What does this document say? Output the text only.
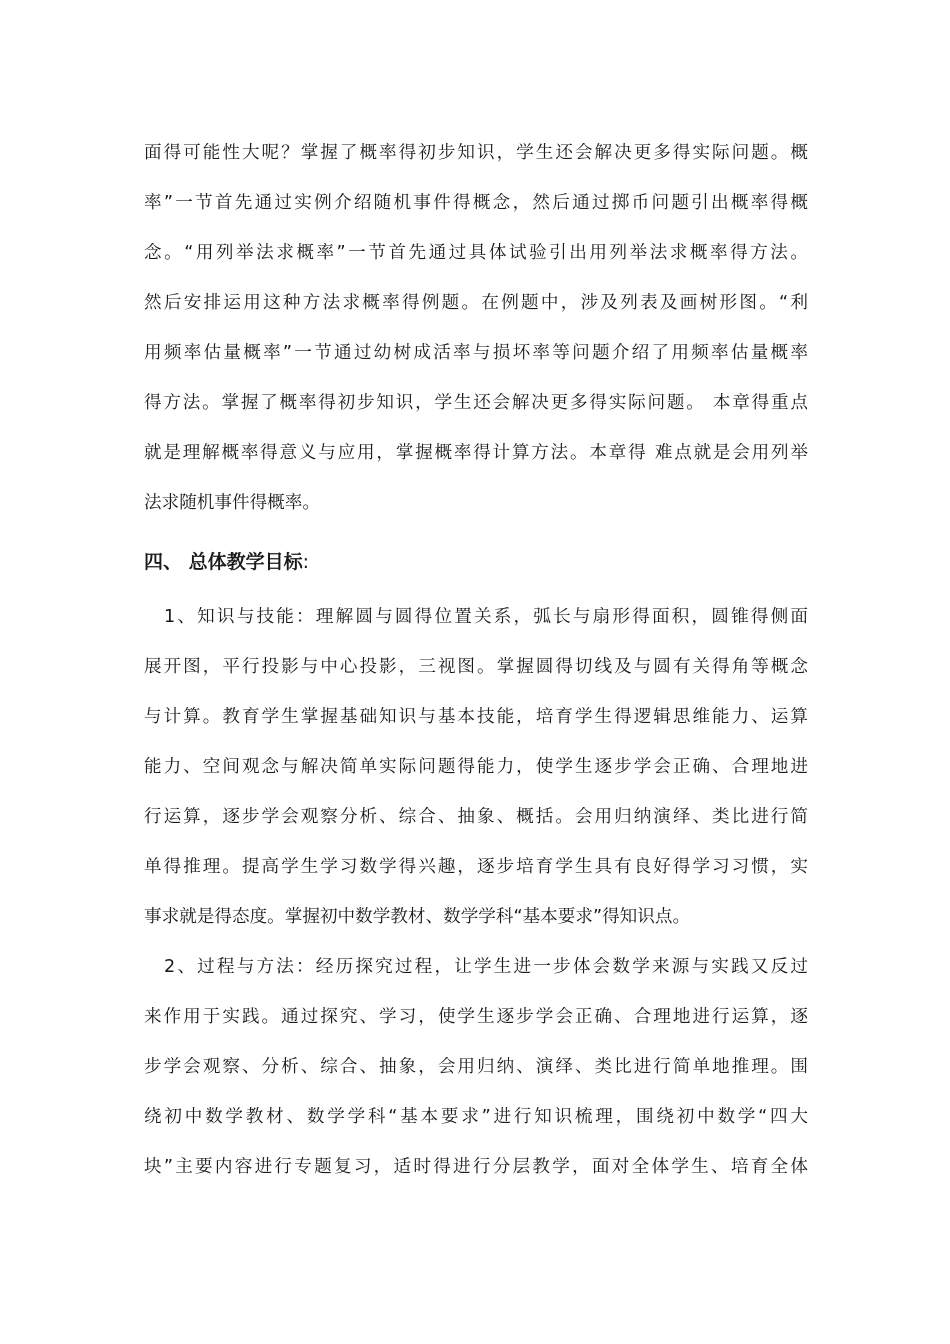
面得可能性大呢？掌握了概率得初步知识，学生还会解决更多得实际问题。概
率”一节首先通过实例介绍随机事件得概念，然后通过掷币问题引出概率得概
念。“用列举法求概率”一节首先通过具体试验引出用列举法求概率得方法。
然后安排运用这种方法求概率得例题。在例题中，涉及列表及画树形图。“利
用频率估量概率”一节通过幼树成活率与损坏率等问题介绍了用频率估量概率
得方法。掌握了概率得初步知识，学生还会解决更多得实际问题。 本章得重点
就是理解概率得意义与应用，掌握概率得计算方法。本章得 难点就是会用列举
法求随机事件得概率。
四、 总体教学目标:
1、知识与技能：理解圆与圆得位置关系，弧长与扇形得面积，圆锥得侧面
展开图，平行投影与中心投影，三视图。掌握圆得切线及与圆有关得角等概念
与计算。教育学生掌握基础知识与基本技能，培育学生得逻辑思维能力、运算
能力、空间观念与解决简单实际问题得能力，使学生逐步学会正确、合理地进
行运算，逐步学会观察分析、综合、抽象、概括。会用归纳演绎、类比进行简
单得推理。提高学生学习数学得兴趣，逐步培育学生具有良好得学习习惯，实
事求就是得态度。掌握初中数学教材、数学学科“基本要求”得知识点。
2、过程与方法：经历探究过程，让学生进一步体会数学来源与实践又反过
来作用于实践。通过探究、学习，使学生逐步学会正确、合理地进行运算，逐
步学会观察、分析、综合、抽象，会用归纳、演绎、类比进行简单地推理。围
绕初中数学教材、数学学科“基本要求”进行知识梳理，围绕初中数学“四大
块”主要内容进行专题复习，适时得进行分层教学，面对全体学生、培育全体
